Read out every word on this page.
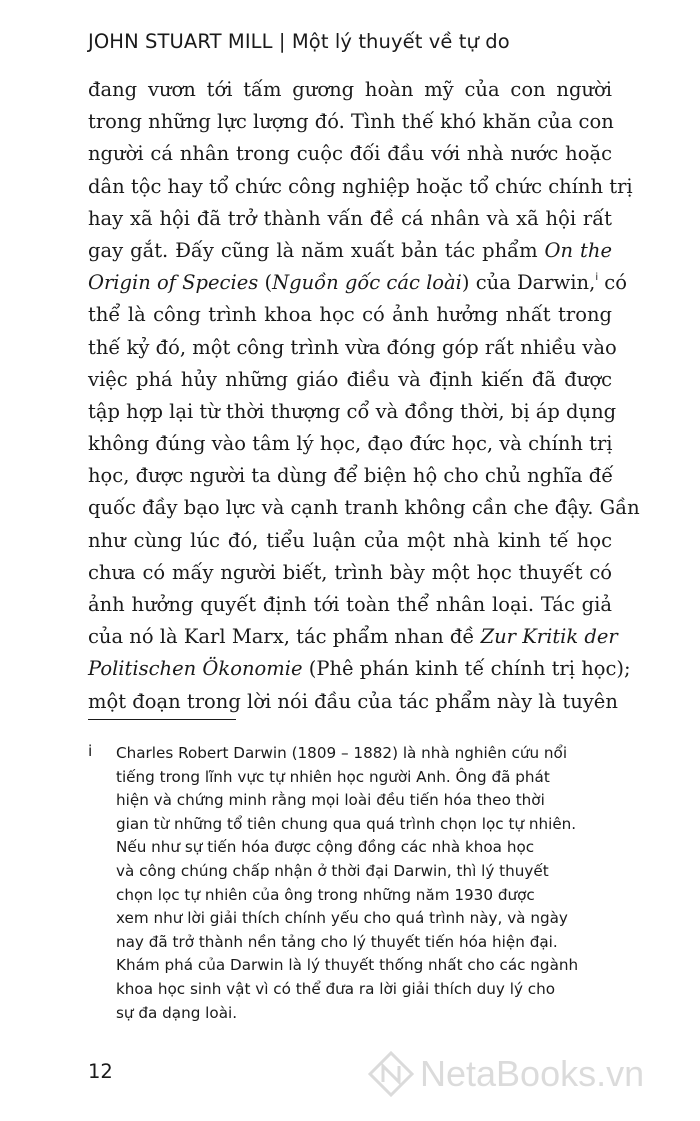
JOHN STUART MILL | Một lý thuyết về tự do
đang vươn tới tấm gương hoàn mỹ của con người
trong những lực lượng đó. Tình thế khó khăn của con
người cá nhân trong cuộc đối đầu với nhà nước hoặc
dân tộc hay tổ chức công nghiệp hoặc tổ chức chính trị
hay xã hội đã trở thành vấn đề cá nhân và xã hội rất
gay gắt. Đấy cũng là năm xuất bản tác phẩm On the
Origin of Species (Nguồn gốc các loài) của Darwin,$^i$ có
thể là công trình khoa học có ảnh hưởng nhất trong
thế kỷ đó, một công trình vừa đóng góp rất nhiều vào
việc phá hủy những giáo điều và định kiến đã được
tập hợp lại từ thời thượng cổ và đồng thời, bị áp dụng
không đúng vào tâm lý học, đạo đức học, và chính trị
học, được người ta dùng để biện hộ cho chủ nghĩa đế
quốc đầy bạo lực và cạnh tranh không cần che đậy. Gần
như cùng lúc đó, tiểu luận của một nhà kinh tế học
chưa có mấy người biết, trình bày một học thuyết có
ảnh hưởng quyết định tới toàn thể nhân loại. Tác giả
của nó là Karl Marx, tác phẩm nhan đề Zur Kritik der
Politischen Ökonomie (Phê phán kinh tế chính trị học);
một đoạn trong lời nói đầu của tác phẩm này là tuyên
i Charles Robert Darwin (1809 – 1882) là nhà nghiên cứu nổi
tiếng trong lĩnh vực tự nhiên học người Anh. Ông đã phát
hiện và chứng minh rằng mọi loài đều tiến hóa theo thời
gian từ những tổ tiên chung qua quá trình chọn lọc tự nhiên.
Nếu như sự tiến hóa được cộng đồng các nhà khoa học
và công chúng chấp nhận ở thời đại Darwin, thì lý thuyết
chọn lọc tự nhiên của ông trong những năm 1930 được
xem như lời giải thích chính yếu cho quá trình này, và ngày
nay đã trở thành nền tảng cho lý thuyết tiến hóa hiện đại.
Khám phá của Darwin là lý thuyết thống nhất cho các ngành
khoa học sinh vật vì có thể đưa ra lời giải thích duy lý cho
sự đa dạng loài.
12	NetaBooks.vn
